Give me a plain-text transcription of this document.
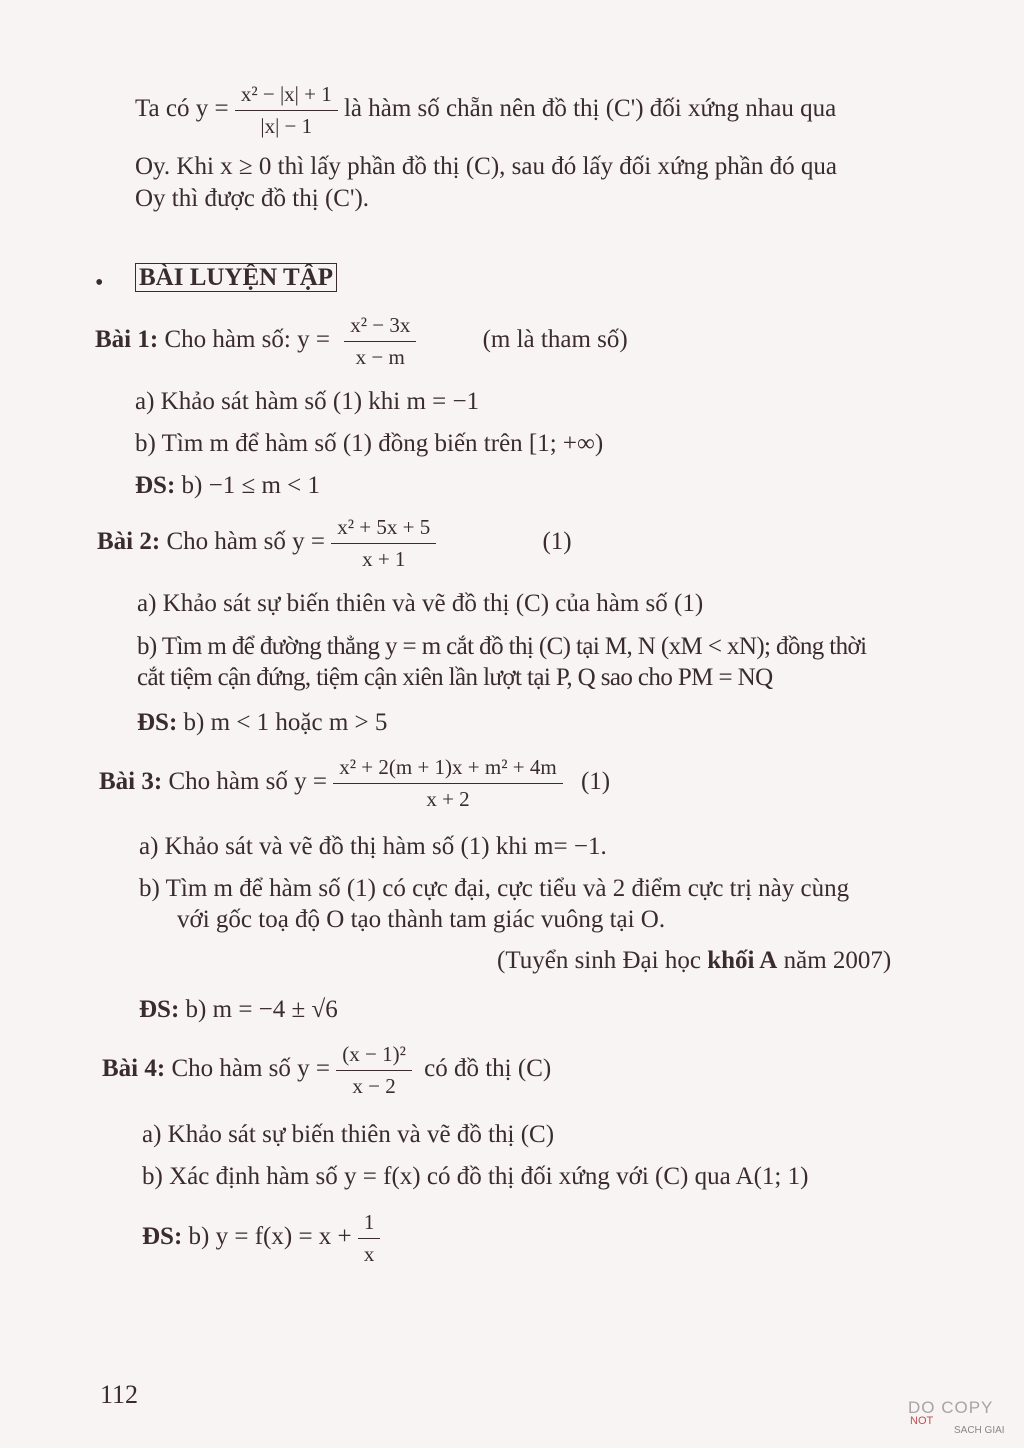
Ta có $y = \frac{\text{x² − |x| + 1}}{|x| - 1}$ là hàm số chẵn nên đồ thị (C') đối xứng nhau qua
Oy. Khi x ≥ 0 thì lấy phần đồ thị (C), sau đó lấy đối xứng phần đó qua
Oy thì được đồ thị (C').
• BÀI LUYỆN TẬP
Bài 1: Cho hàm số: $y = \frac{\text{x² − 3x}}{x - m}$	(m là tham số)
a) Khảo sát hàm số (1) khi m = −1
b) Tìm m để hàm số (1) đồng biến trên [1; +∞)
ĐS: b) −1 ≤ m < 1
Bài 2: Cho hàm số $y = \frac{\text{x² + 5x + 5}}{x + 1}$	(1)
a) Khảo sát sự biến thiên và vẽ đồ thị (C) của hàm số (1)
b) Tìm m để đường thẳng y = m cắt đồ thị (C) tại M, N (xM < xN); đồng thời
cắt tiệm cận đứng, tiệm cận xiên lần lượt tại P, Q sao cho PM = NQ
ĐS: b) m < 1 hoặc m > 5
Bài 3: Cho hàm số $y = \frac{\text{x² + 2(m + 1)x + m² + 4m}}{x + 2} (1)$
a) Khảo sát và vẽ đồ thị hàm số (1) khi m= −1.
b) Tìm m để hàm số (1) có cực đại, cực tiểu và 2 điểm cực trị này cùng
với gốc toạ độ O tạo thành tam giác vuông tại O.
(Tuyển sinh Đại học khối A năm 2007)
ĐS: b) m = −4 ± √6
Bài 4: Cho hàm số $y = \frac{\text{(x − 1)²}}{x - 2}$ có đồ thị (C)
a) Khảo sát sự biến thiên và vẽ đồ thị (C)
b) Xác định hàm số y = f(x) có đồ thị đối xứng với (C) qua A(1; 1)
ĐS: b) $y = f(x) = x + \frac{1}{x}$
112	DO COPY
NOT
SACH GIAI
